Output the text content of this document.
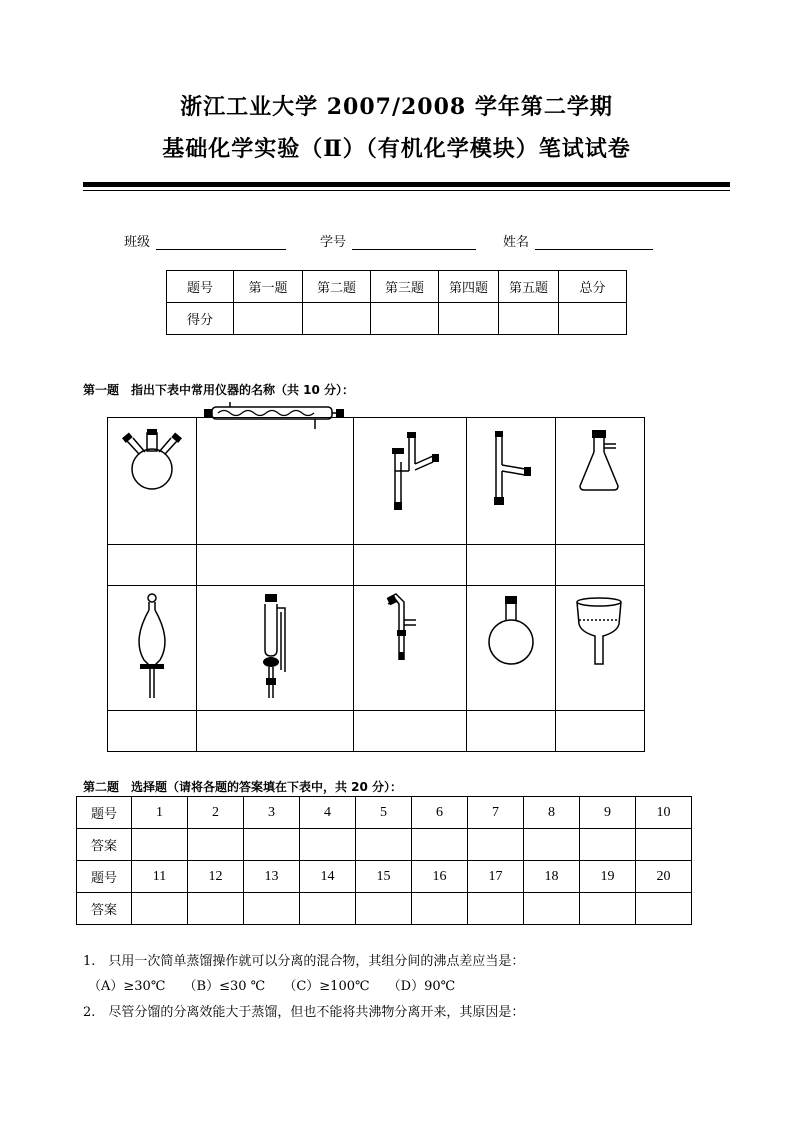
浙江工业大学 2007/2008 学年第二学期
基础化学实验（Ⅱ）（有机化学模块）笔试试卷
班级	学号	姓名
题号	第一题	第二题	第三题	第四题	第五题	总分
得分						
第一题　指出下表中常用仪器的名称（共 10 分）：

第二题　选择题（请将各题的答案填在下表中，共 20 分）：
题号	1	2	3	4	5	6	7	8	9	10
答案										
题号	11	12	13	14	15	16	17	18	19	20
答案										
1.　只用一次简单蒸馏操作就可以分离的混合物，其组分间的沸点差应当是：
（A）≥30℃ （B）≤30 ℃ （C）≥100℃ （D）90℃
2.　尽管分馏的分离效能大于蒸馏，但也不能将共沸物分离开来，其原因是：
